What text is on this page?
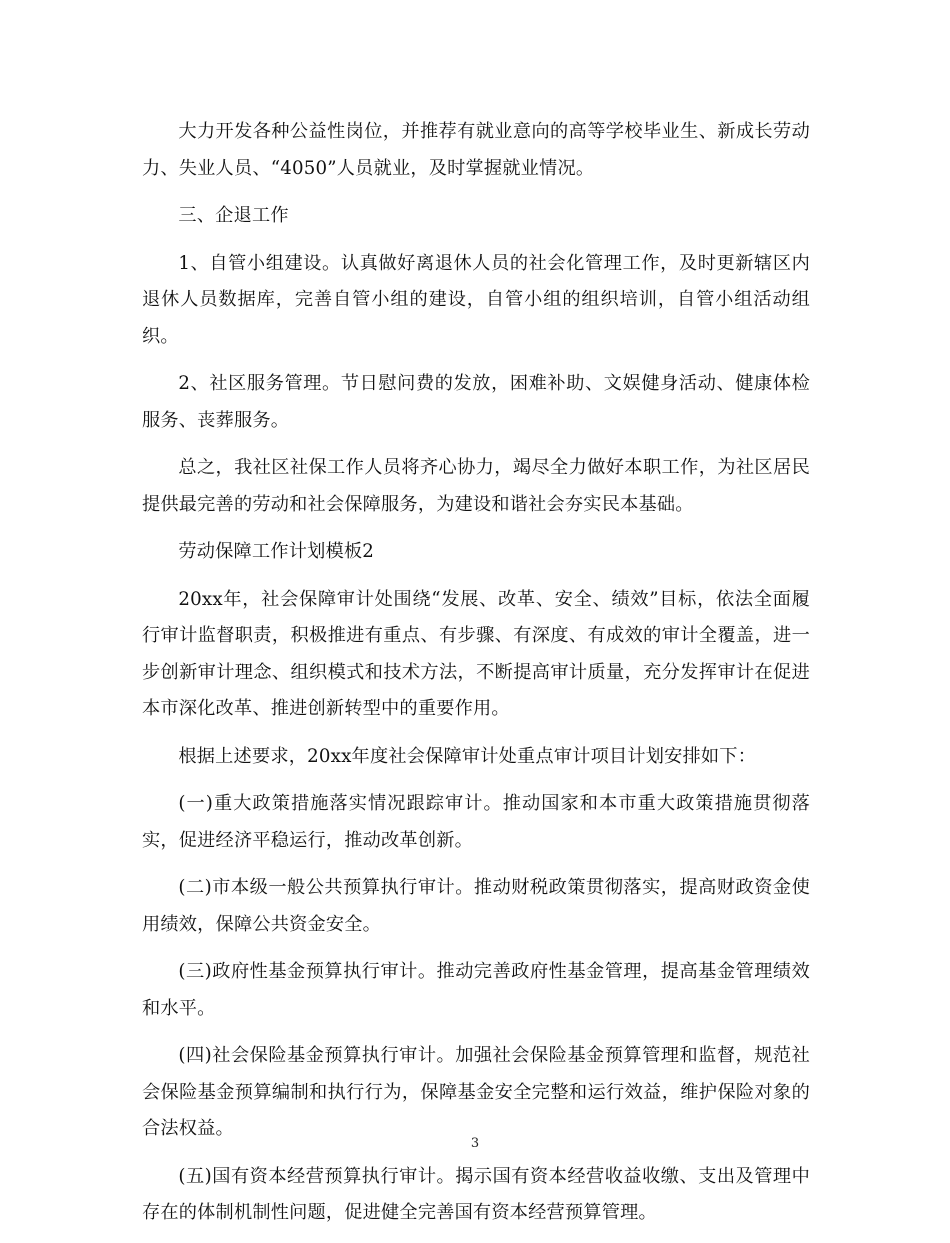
大力开发各种公益性岗位，并推荐有就业意向的高等学校毕业生、新成长劳动力、失业人员、“4050”人员就业，及时掌握就业情况。

三、企退工作

1、自管小组建设。认真做好离退休人员的社会化管理工作，及时更新辖区内退休人员数据库，完善自管小组的建设，自管小组的组织培训，自管小组活动组织。

2、社区服务管理。节日慰问费的发放，困难补助、文娱健身活动、健康体检服务、丧葬服务。

总之，我社区社保工作人员将齐心协力，竭尽全力做好本职工作，为社区居民提供最完善的劳动和社会保障服务，为建设和谐社会夯实民本基础。

劳动保障工作计划模板2

20xx年，社会保障审计处围绕“发展、改革、安全、绩效”目标，依法全面履行审计监督职责，积极推进有重点、有步骤、有深度、有成效的审计全覆盖，进一步创新审计理念、组织模式和技术方法，不断提高审计质量，充分发挥审计在促进本市深化改革、推进创新转型中的重要作用。

根据上述要求，20xx年度社会保障审计处重点审计项目计划安排如下：

(一)重大政策措施落实情况跟踪审计。推动国家和本市重大政策措施贯彻落实，促进经济平稳运行，推动改革创新。

(二)市本级一般公共预算执行审计。推动财税政策贯彻落实，提高财政资金使用绩效，保障公共资金安全。

(三)政府性基金预算执行审计。推动完善政府性基金管理，提高基金管理绩效和水平。

(四)社会保险基金预算执行审计。加强社会保险基金预算管理和监督，规范社会保险基金预算编制和执行行为，保障基金安全完整和运行效益，维护保险对象的合法权益。

(五)国有资本经营预算执行审计。揭示国有资本经营收益收缴、支出及管理中存在的体制机制性问题，促进健全完善国有资本经营预算管理。

3
